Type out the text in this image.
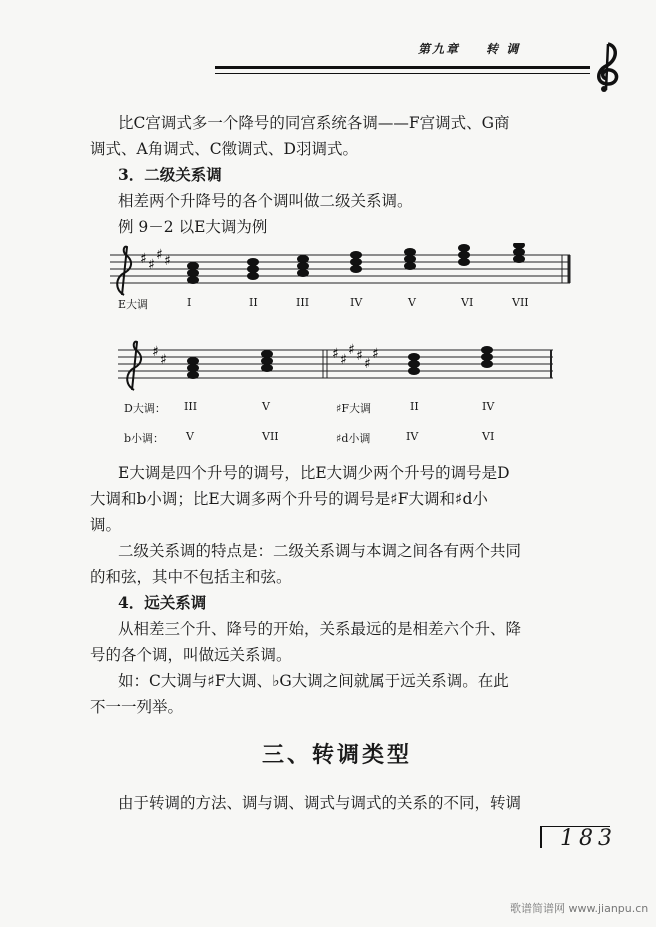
第九章 转 调
比C宫调式多一个降号的同宫系统各调——F宫调式、G商
调式、A角调式、C徵调式、D羽调式。
3．二级关系调
相差两个升降号的各个调叫做二级关系调。
例 9－2 以E大调为例
♯ ♯
♯ ♯
E大调	I	II	III	IV	V	VI	VII
♯ ♯	♯ ♯
♯ ♯ ♯
♯
D大调： III	V	♯F大调	II	IV
b小调： V	VII	♯d小调	IV	VI
E大调是四个升号的调号，比E大调少两个升号的调号是D
大调和b小调；比E大调多两个升号的调号是♯F大调和♯d小
调。
二级关系调的特点是：二级关系调与本调之间各有两个共同
的和弦，其中不包括主和弦。
4．远关系调
从相差三个升、降号的开始，关系最远的是相差六个升、降
号的各个调，叫做远关系调。
如：C大调与♯F大调、♭G大调之间就属于远关系调。在此
不一一列举。
三、转调类型
由于转调的方法、调与调、调式与调式的关系的不同，转调
183
歌谱简谱网 www.jianpu.cn
